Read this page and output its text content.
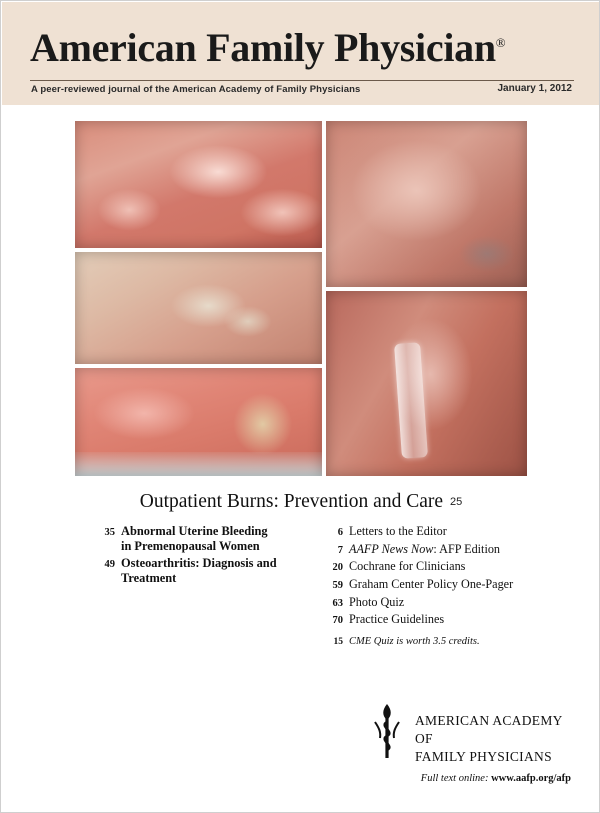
American Family Physician®
A peer-reviewed journal of the American Academy of Family Physicians	January 1, 2012
Outpatient Burns: Prevention and Care 25
35 Abnormal Uterine Bleeding in Premenopausal Women
49 Osteoarthritis: Diagnosis and Treatment
6 Letters to the Editor
7 AAFP News Now: AFP Edition
20 Cochrane for Clinicians
59 Graham Center Policy One-Pager
63 Photo Quiz
70 Practice Guidelines
15 CME Quiz is worth 3.5 credits.
AMERICAN ACADEMY OF
FAMILY PHYSICIANS
Full text online: www.aafp.org/afp
